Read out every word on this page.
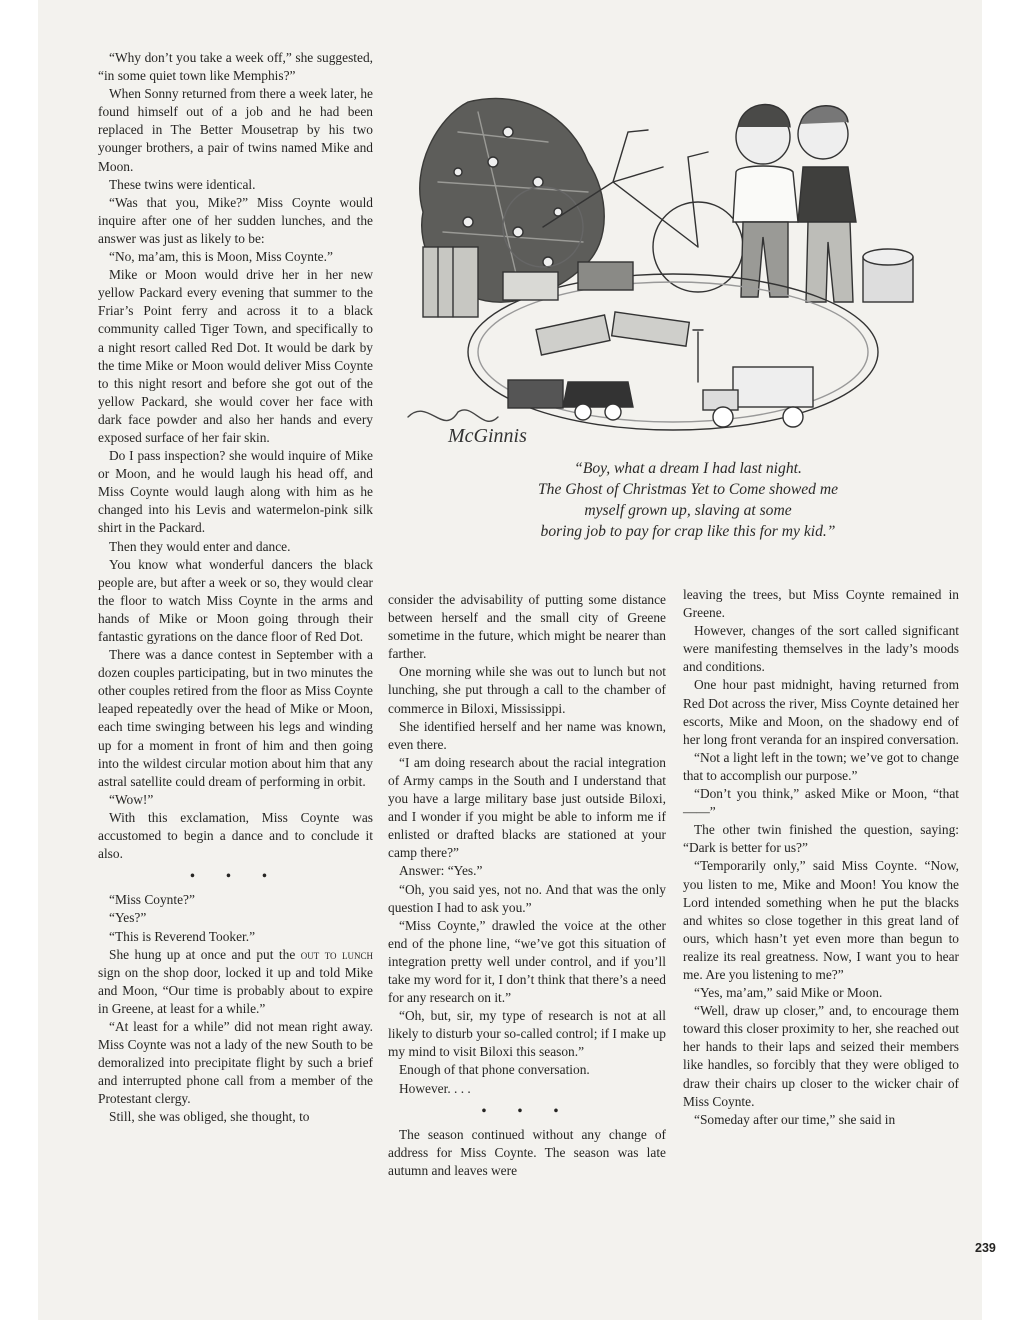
“Why don’t you take a week off,” she suggested, “in some quiet town like Memphis?”

When Sonny returned from there a week later, he found himself out of a job and he had been replaced in The Better Mousetrap by his two younger brothers, a pair of twins named Mike and Moon.

These twins were identical.

“Was that you, Mike?” Miss Coynte would inquire after one of her sudden lunches, and the answer was just as likely to be:

“No, ma’am, this is Moon, Miss Coynte.”

Mike or Moon would drive her in her new yellow Packard every evening that summer to the Friar’s Point ferry and across it to a black community called Tiger Town, and specifically to a night resort called Red Dot. It would be dark by the time Mike or Moon would deliver Miss Coynte to this night resort and before she got out of the yellow Packard, she would cover her face with dark face powder and also her hands and every exposed surface of her fair skin.

Do I pass inspection? she would inquire of Mike or Moon, and he would laugh his head off, and Miss Coynte would laugh along with him as he changed into his Levis and watermelon-pink silk shirt in the Packard.

Then they would enter and dance.

You know what wonderful dancers the black people are, but after a week or so, they would clear the floor to watch Miss Coynte in the arms and hands of Mike or Moon going through their fantastic gyrations on the dance floor of Red Dot.

There was a dance contest in September with a dozen couples participating, but in two minutes the other couples retired from the floor as Miss Coynte leaped repeatedly over the head of Mike or Moon, each time swinging between his legs and winding up for a moment in front of him and then going into the wildest circular motion about him that any astral satellite could dream of performing in orbit.

“Wow!”

With this exclamation, Miss Coynte was accustomed to begin a dance and to conclude it also.

• • •

“Miss Coynte?”

“Yes?”

“This is Reverend Tooker.”

She hung up at once and put the out to lunch sign on the shop door, locked it up and told Mike and Moon, “Our time is probably about to expire in Greene, at least for a while.”

“At least for a while” did not mean right away. Miss Coynte was not a lady of the new South to be demoralized into precipitate flight by such a brief and interrupted phone call from a member of the Protestant clergy.

Still, she was obliged, she thought, to

McGinnis
“Boy, what a dream I had last night.
The Ghost of Christmas Yet to Come showed me
myself grown up, slaving at some
boring job to pay for crap like this for my kid.”

consider the advisability of putting some distance between herself and the small city of Greene sometime in the future, which might be nearer than farther.

One morning while she was out to lunch but not lunching, she put through a call to the chamber of commerce in Biloxi, Mississippi.

She identified herself and her name was known, even there.

“I am doing research about the racial integration of Army camps in the South and I understand that you have a large military base just outside Biloxi, and I wonder if you might be able to inform me if enlisted or drafted blacks are stationed at your camp there?”

Answer: “Yes.”

“Oh, you said yes, not no. And that was the only question I had to ask you.”

“Miss Coynte,” drawled the voice at the other end of the phone line, “we’ve got this situation of integration pretty well under control, and if you’ll take my word for it, I don’t think that there’s a need for any research on it.”

“Oh, but, sir, my type of research is not at all likely to disturb your so-called control; if I make up my mind to visit Biloxi this season.”

Enough of that phone conversation.

However. . . .

• • •

The season continued without any change of address for Miss Coynte. The season was late autumn and leaves were

leaving the trees, but Miss Coynte remained in Greene.

However, changes of the sort called significant were manifesting themselves in the lady’s moods and conditions.

One hour past midnight, having returned from Red Dot across the river, Miss Coynte detained her escorts, Mike and Moon, on the shadowy end of her long front veranda for an inspired conversation.

“Not a light left in the town; we’ve got to change that to accomplish our purpose.”

“Don’t you think,” asked Mike or Moon, “that——”

The other twin finished the question, saying: “Dark is better for us?”

“Temporarily only,” said Miss Coynte. “Now, you listen to me, Mike and Moon! You know the Lord intended something when he put the blacks and whites so close together in this great land of ours, which hasn’t yet even more than begun to realize its real greatness. Now, I want you to hear me. Are you listening to me?”

“Yes, ma’am,” said Mike or Moon.

“Well, draw up closer,” and, to encourage them toward this closer proximity to her, she reached out her hands to their laps and seized their members like handles, so forcibly that they were obliged to draw their chairs up closer to the wicker chair of Miss Coynte.

“Someday after our time,” she said in

239
